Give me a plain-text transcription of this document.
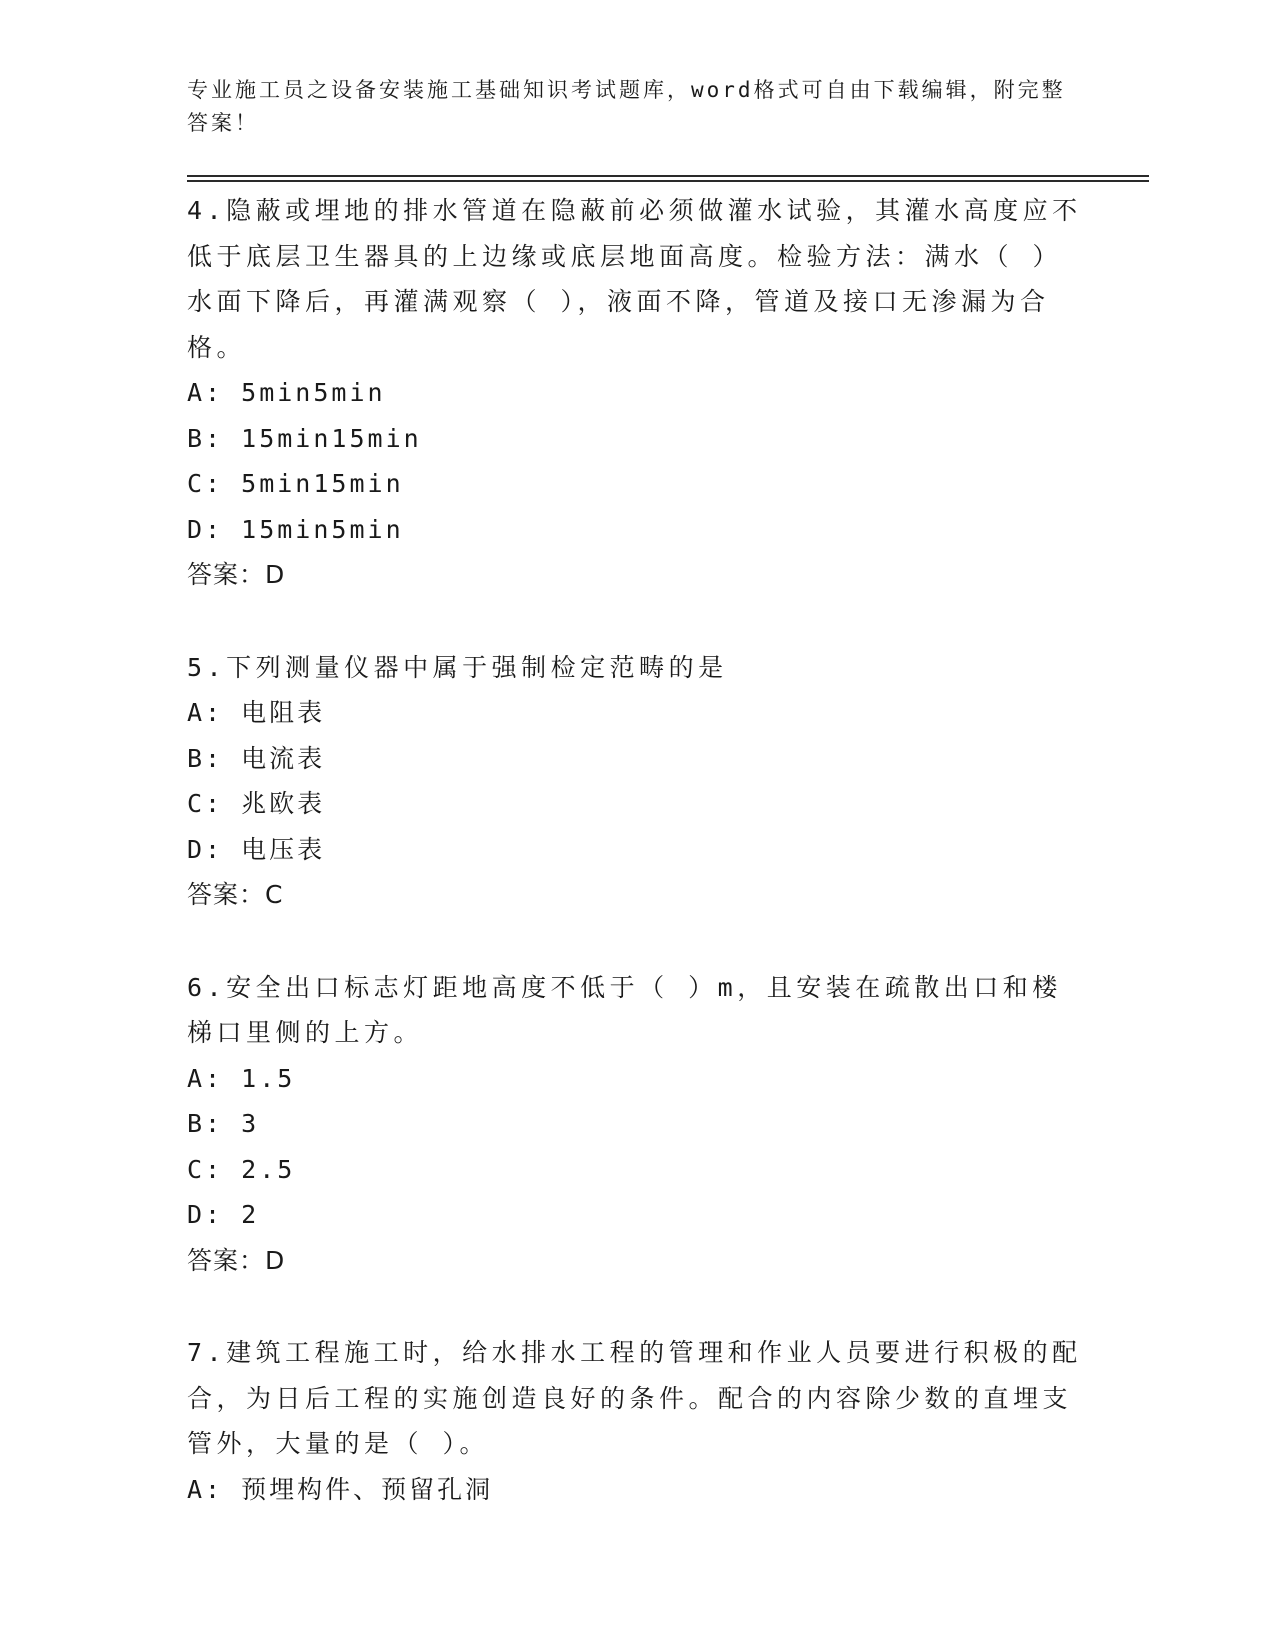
专业施工员之设备安装施工基础知识考试题库，word格式可自由下载编辑，附完整答案！
4.隐蔽或埋地的排水管道在隐蔽前必须做灌水试验，其灌水高度应不低于底层卫生器具的上边缘或底层地面高度。检验方法：满水（ ）水面下降后，再灌满观察（ ），液面不降，管道及接口无渗漏为合格。
A: 5min5min
B: 15min15min
C: 5min15min
D: 15min5min
答案：D
5.下列测量仪器中属于强制检定范畴的是
A: 电阻表
B: 电流表
C: 兆欧表
D: 电压表
答案：C
6.安全出口标志灯距地高度不低于（ ）m，且安装在疏散出口和楼梯口里侧的上方。
A: 1.5
B: 3
C: 2.5
D: 2
答案：D
7.建筑工程施工时，给水排水工程的管理和作业人员要进行积极的配合，为日后工程的实施创造良好的条件。配合的内容除少数的直埋支管外，大量的是（ ）。
A: 预埋构件、预留孔洞
